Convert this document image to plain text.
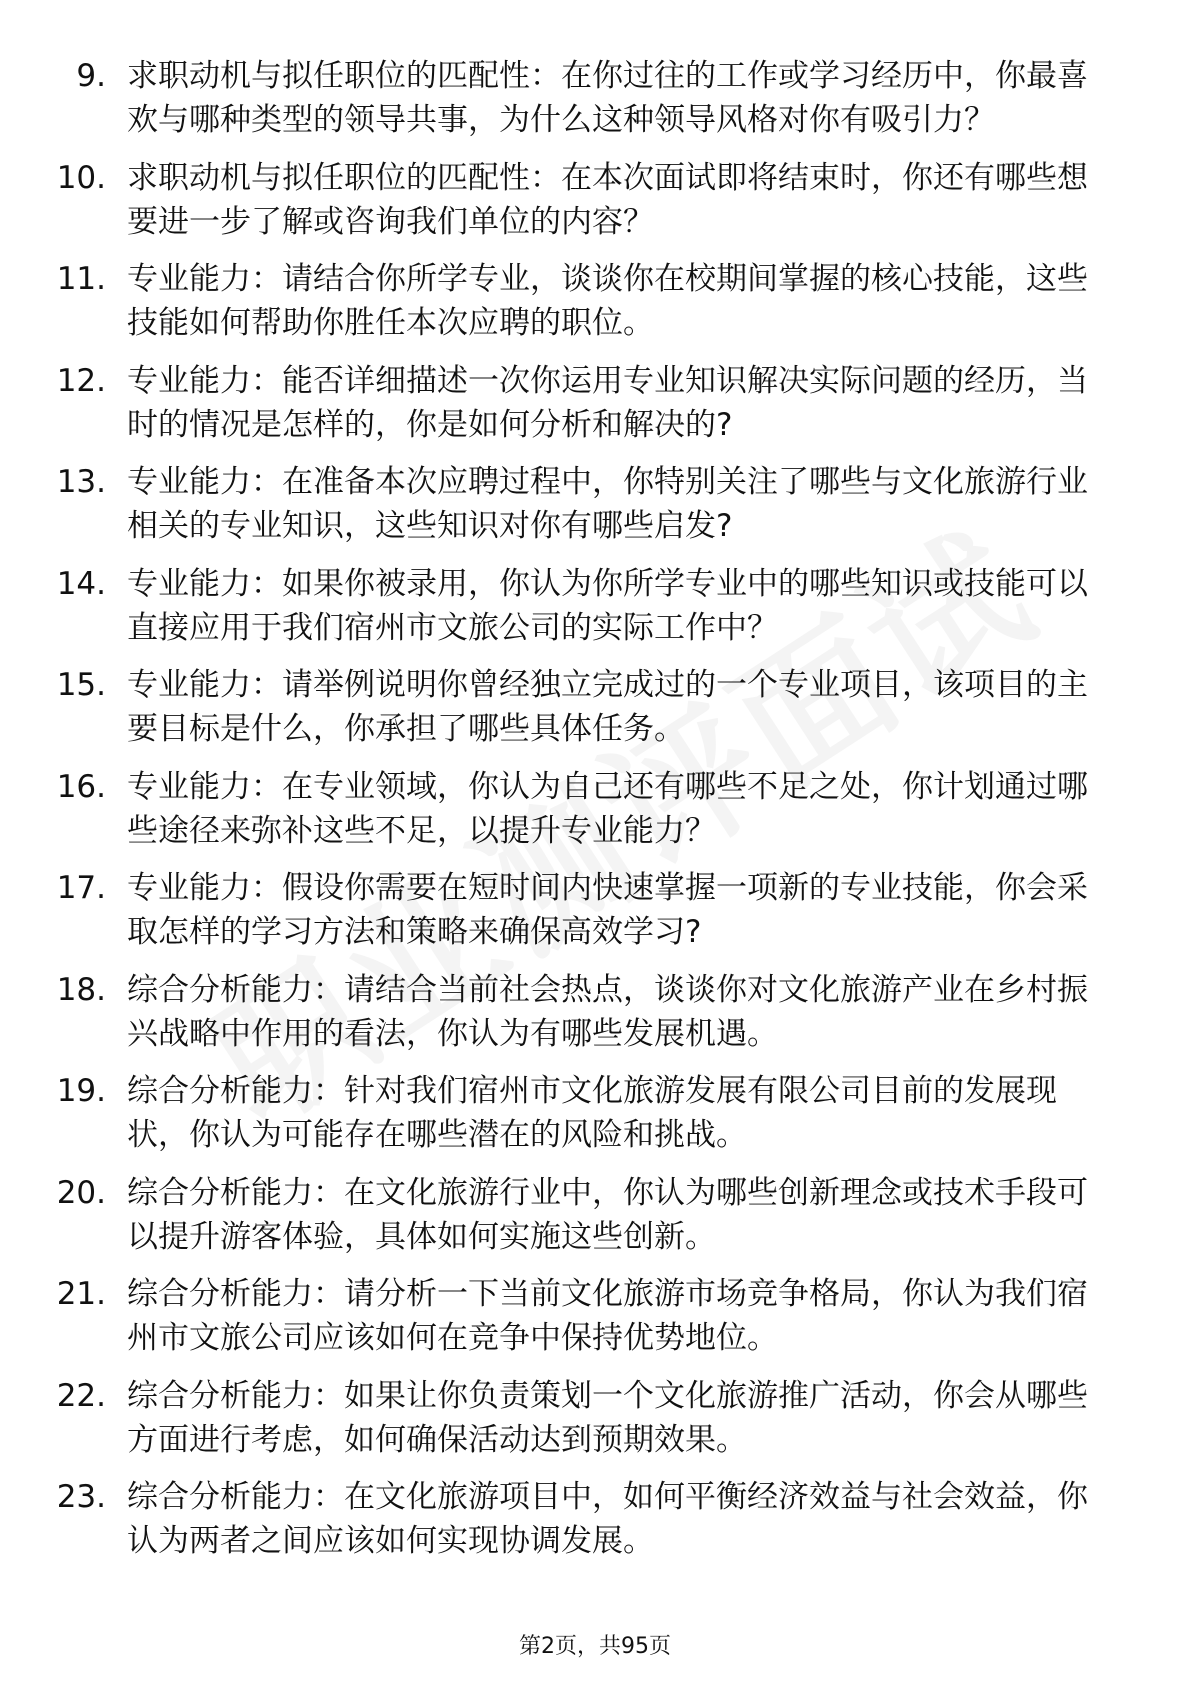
9. 求职动机与拟任职位的匹配性：在你过往的工作或学习经历中，你最喜欢与哪种类型的领导共事，为什么这种领导风格对你有吸引力？
10. 求职动机与拟任职位的匹配性：在本次面试即将结束时，你还有哪些想要进一步了解或咨询我们单位的内容？
11. 专业能力：请结合你所学专业，谈谈你在校期间掌握的核心技能，这些技能如何帮助你胜任本次应聘的职位。
12. 专业能力：能否详细描述一次你运用专业知识解决实际问题的经历，当时的情况是怎样的，你是如何分析和解决的?
13. 专业能力：在准备本次应聘过程中，你特别关注了哪些与文化旅游行业相关的专业知识，这些知识对你有哪些启发?
14. 专业能力：如果你被录用，你认为你所学专业中的哪些知识或技能可以直接应用于我们宿州市文旅公司的实际工作中？
15. 专业能力：请举例说明你曾经独立完成过的一个专业项目，该项目的主要目标是什么，你承担了哪些具体任务。
16. 专业能力：在专业领域，你认为自己还有哪些不足之处，你计划通过哪些途径来弥补这些不足，以提升专业能力？
17. 专业能力：假设你需要在短时间内快速掌握一项新的专业技能，你会采取怎样的学习方法和策略来确保高效学习?
18. 综合分析能力：请结合当前社会热点，谈谈你对文化旅游产业在乡村振兴战略中作用的看法，你认为有哪些发展机遇。
19. 综合分析能力：针对我们宿州市文化旅游发展有限公司目前的发展现状，你认为可能存在哪些潜在的风险和挑战。
20. 综合分析能力：在文化旅游行业中，你认为哪些创新理念或技术手段可以提升游客体验，具体如何实施这些创新。
21. 综合分析能力：请分析一下当前文化旅游市场竞争格局，你认为我们宿州市文旅公司应该如何在竞争中保持优势地位。
22. 综合分析能力：如果让你负责策划一个文化旅游推广活动，你会从哪些方面进行考虑，如何确保活动达到预期效果。
23. 综合分析能力：在文化旅游项目中，如何平衡经济效益与社会效益，你认为两者之间应该如何实现协调发展。
第2页，共95页
